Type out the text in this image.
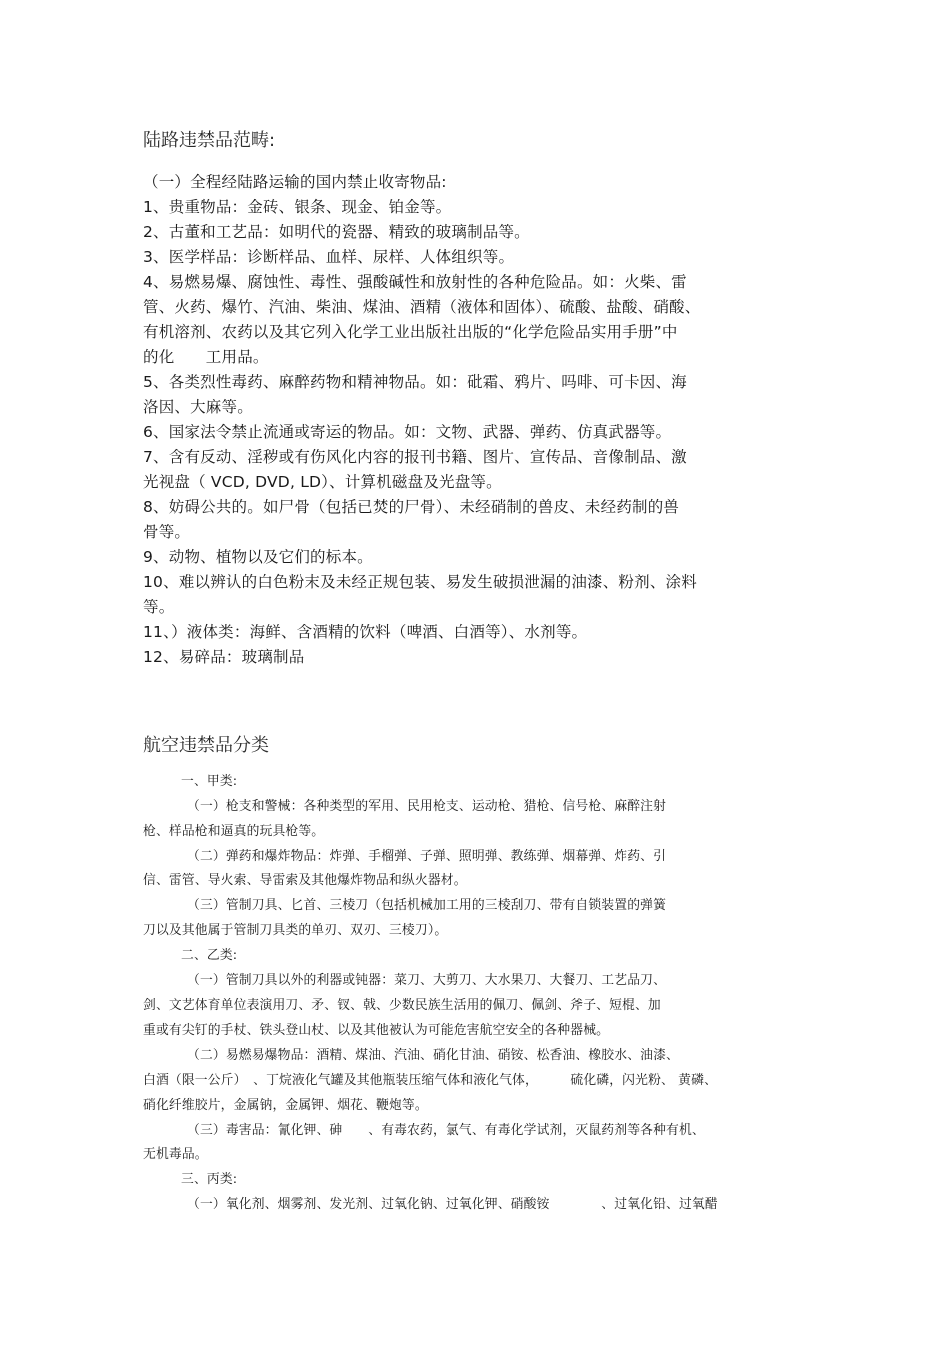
陆路违禁品范畴:
（一）全程经陆路运输的国内禁止收寄物品:
1、贵重物品：金砖、银条、现金、铂金等。
2、古董和工艺品：如明代的瓷器、精致的玻璃制品等。
3、医学样品：诊断样品、血样、尿样、人体组织等。
4、易燃易爆、腐蚀性、毒性、强酸碱性和放射性的各种危险品。如：火柴、雷
管、火药、爆竹、汽油、柴油、煤油、酒精（液体和固体）、硫酸、盐酸、硝酸、
有机溶剂、农药以及其它列入化学工业出版社出版的“化学危险品实用手册”中
的化　　工用品。
5、各类烈性毒药、麻醉药物和精神物品。如：砒霜、鸦片、吗啡、可卡因、海
洛因、大麻等。
6、国家法令禁止流通或寄运的物品。如：文物、武器、弹药、仿真武器等。
7、含有反动、淫秽或有伤风化内容的报刊书籍、图片、宣传品、音像制品、激
光视盘（ VCD, DVD, LD）、计算机磁盘及光盘等。
8、妨碍公共的。如尸骨（包括已焚的尸骨）、未经硝制的兽皮、未经药制的兽
骨等。
9、动物、植物以及它们的标本。
10、难以辨认的白色粉末及未经正规包装、易发生破损泄漏的油漆、粉剂、涂料
等。
11、）液体类：海鲜、含酒精的饮料（啤酒、白酒等）、水剂等。
12、易碎品：玻璃制品
航空违禁品分类
一、甲类:
（一）枪支和警械：各种类型的军用、民用枪支、运动枪、猎枪、信号枪、麻醉注射
枪、样品枪和逼真的玩具枪等。
（二）弹药和爆炸物品：炸弹、手榴弹、子弹、照明弹、教练弹、烟幕弹、炸药、引
信、雷管、导火索、导雷索及其他爆炸物品和纵火器材。
（三）管制刀具、匕首、三棱刀（包括机械加工用的三棱刮刀、带有自锁装置的弹簧
刀以及其他属于管制刀具类的单刃、双刃、三棱刀）。
二、乙类:
（一）管制刀具以外的利器或钝器：菜刀、大剪刀、大水果刀、大餐刀、工艺品刀、
剑、文艺体育单位表演用刀、矛、钗、戟、少数民族生活用的佩刀、佩剑、斧子、短棍、加
重或有尖钉的手杖、铁头登山杖、以及其他被认为可能危害航空安全的各种器械。
（二）易燃易爆物品：酒精、煤油、汽油、硝化甘油、硝铵、松香油、橡胶水、油漆、
白酒（限一公斤）　、丁烷液化气罐及其他瓶装压缩气体和液化气体，　　　硫化磷，闪光粉、 黄磷、
硝化纤维胶片，金属钠，金属钾、烟花、鞭炮等。
（三）毒害品：氰化钾、砷　　、有毒农药，氯气、有毒化学试剂，灭鼠药剂等各种有机、
无机毒品。
三、丙类:
（一）氧化剂、烟雾剂、发光剂、过氧化钠、过氧化钾、硝酸铵　　　　、过氧化铅、过氧醋
